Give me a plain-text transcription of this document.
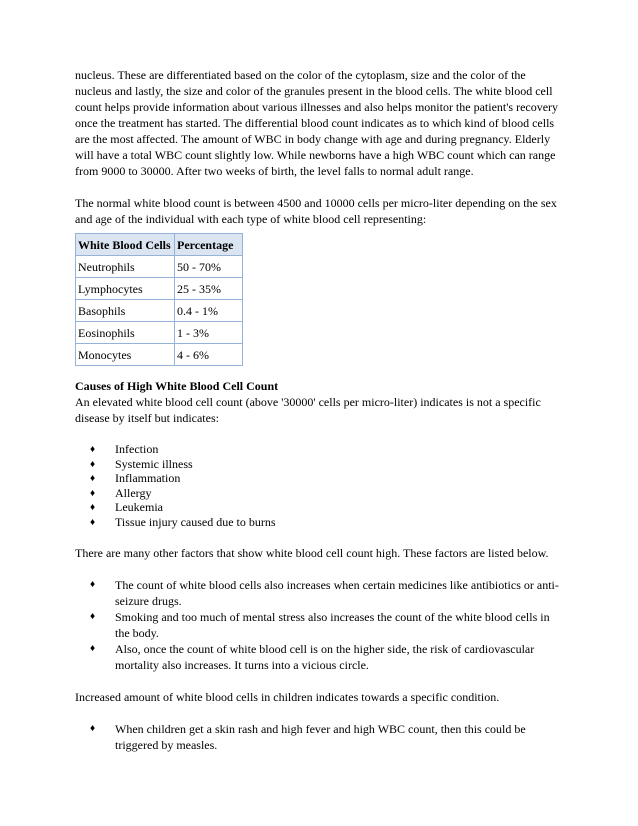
nucleus. These are differentiated based on the color of the cytoplasm, size and the color of the nucleus and lastly, the size and color of the granules present in the blood cells. The white blood cell count helps provide information about various illnesses and also helps monitor the patient's recovery once the treatment has started. The differential blood count indicates as to which kind of blood cells are the most affected. The amount of WBC in body change with age and during pregnancy. Elderly will have a total WBC count slightly low. While newborns have a high WBC count which can range from 9000 to 30000. After two weeks of birth, the level falls to normal adult range.

The normal white blood count is between 4500 and 10000 cells per micro-liter depending on the sex and age of the individual with each type of white blood cell representing:

White Blood Cells	Percentage
Neutrophils	50 - 70%
Lymphocytes	25 - 35%
Basophils	0.4 - 1%
Eosinophils	1 - 3%
Monocytes	4 - 6%

Causes of High White Blood Cell Count

An elevated white blood cell count (above '30000' cells per micro-liter) indicates is not a specific disease by itself but indicates:

♦ Infection
♦ Systemic illness
♦ Inflammation
♦ Allergy
♦ Leukemia
♦ Tissue injury caused due to burns

There are many other factors that show white blood cell count high. These factors are listed below.

♦ The count of white blood cells also increases when certain medicines like antibiotics or anti-seizure drugs.
♦ Smoking and too much of mental stress also increases the count of the white blood cells in the body.
♦ Also, once the count of white blood cell is on the higher side, the risk of cardiovascular mortality also increases. It turns into a vicious circle.

Increased amount of white blood cells in children indicates towards a specific condition.

♦ When children get a skin rash and high fever and high WBC count, then this could be triggered by measles.
